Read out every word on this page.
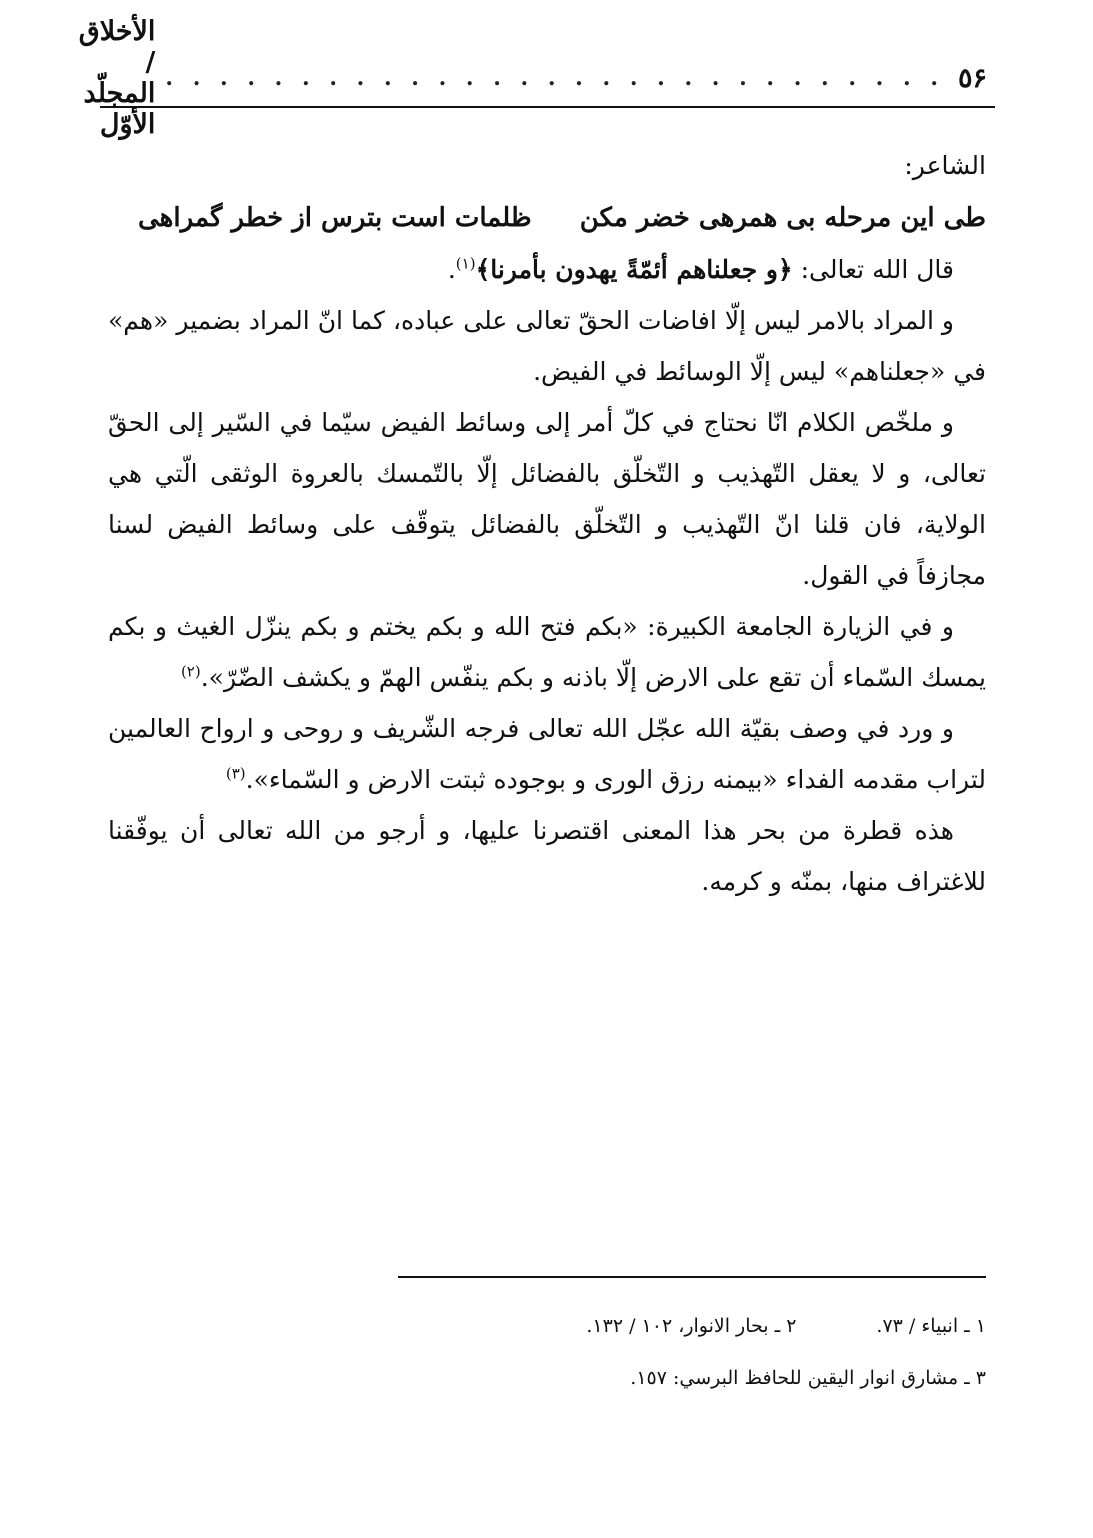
٥۶
. . . . . . . . . . . . . . . . . . . . . . . . . . . . .
الأخلاق / المجلّد الأوّل

الشاعر:

طی این مرحله بی همرهی خضر مکن
ظلمات است بترس از خطر گمراهی

قال الله تعالی: ﴿و جعلناهم أئمّةً يهدون بأمرنا﴾$^{(١)}$.

و المراد بالامر ليس إلّا افاضات الحقّ تعالی علی عباده، كما انّ المراد بضمير «هم» في «جعلناهم» ليس إلّا الوسائط في الفيض.

و ملخّص الكلام انّا نحتاج في كلّ أمر إلی وسائط الفيض سيّما في السّير إلی الحقّ تعالی، و لا يعقل التّهذيب و التّخلّق بالفضائل إلّا بالتّمسك بالعروة الوثقی الّتي هي الولاية، فان قلنا انّ التّهذيب و التّخلّق بالفضائل يتوقّف علی وسائط الفيض لسنا مجازفاً في القول.

و في الزيارة الجامعة الكبيرة: «بكم فتح الله و بكم يختم و بكم ينزّل الغيث و بكم يمسك السّماء أن تقع علی الارض إلّا باذنه و بكم ينفّس الهمّ و يكشف الضّرّ».$^{(٢)}$

و ورد في وصف بقيّة الله عجّل الله تعالی فرجه الشّريف و روحی و ارواح العالمين لتراب مقدمه الفداء «بيمنه رزق الوری و بوجوده ثبتت الارض و السّماء».$^{(٣)}$

هذه قطرة من بحر هذا المعنی اقتصرنا عليها، و أرجو من الله تعالی أن يوفّقنا للاغتراف منها، بمنّه و كرمه.

١ ـ انبياء / ٧٣.
٢ ـ بحار الانوار، ١٠٢ / ١٣٢.
٣ ـ مشارق انوار اليقين للحافظ البرسي: ١٥٧.
